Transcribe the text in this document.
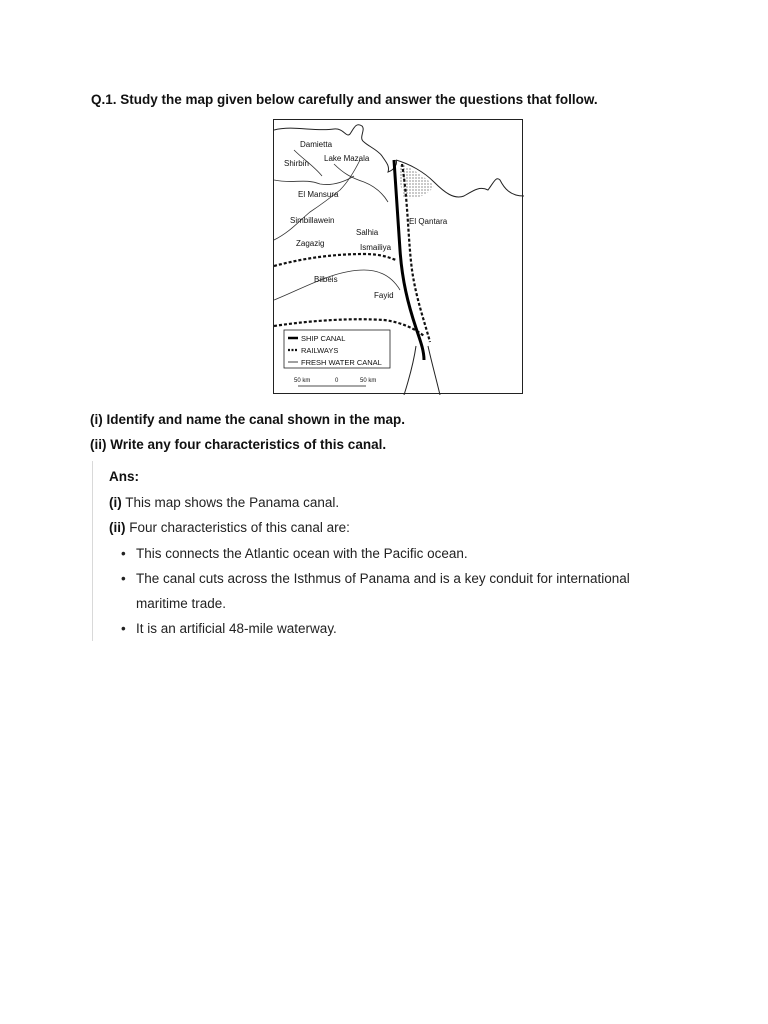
Q.1. Study the map given below carefully and answer the questions that follow.
Damietta
Lake Mazala
Shirbin
El Mansura
Simbillawein
Salhia
El Qantara
Zagazig	Ismailiya
Bilbeis
Fayid
SHIP CANAL
RAILWAYS
FRESH WATER CANAL
50 km	0	50 km
(i) Identify and name the canal shown in the map.
(ii) Write any four characteristics of this canal.
Ans:
(i) This map shows the Panama canal.
(ii) Four characteristics of this canal are:
• This connects the Atlantic ocean with the Pacific ocean.
• The canal cuts across the Isthmus of Panama and is a key conduit for international maritime trade.
• It is an artificial 48-mile waterway.
